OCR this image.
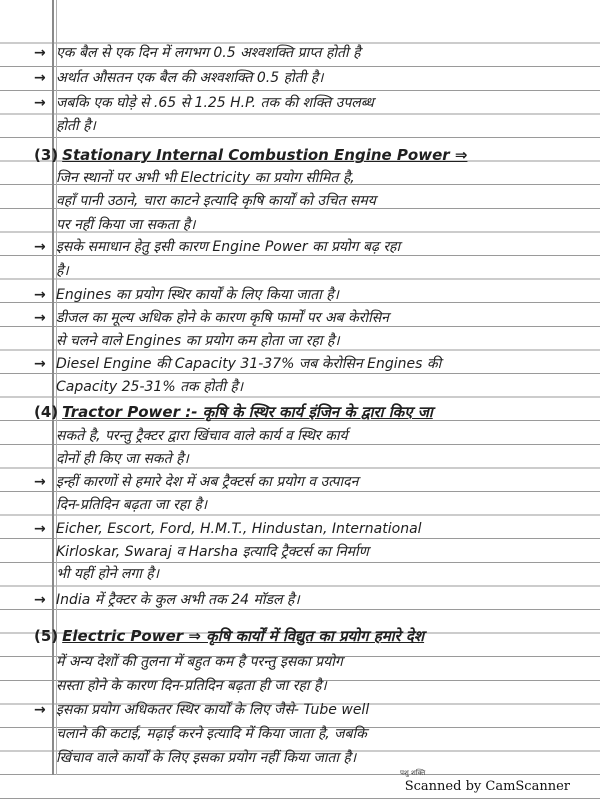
→ एक बैल से एक दिन में लगभग 0.5 अश्वशक्ति प्राप्त होती है
→ अर्थात औसतन एक बैल की अश्वशक्ति 0.5 होती है।
→ जबकि एक घोड़े से .65 से 1.25 H.P. तक की शक्ति उपलब्ध
होती है।
(3) Stationary Internal Combustion Engine Power ⇒
जिन स्थानों पर अभी भी Electricity का प्रयोग सीमित है,
वहाँ पानी उठाने, चारा काटने इत्यादि कृषि कार्यों को उचित समय
पर नहीं किया जा सकता है।
→ इसके समाधान हेतु इसी कारण Engine Power का प्रयोग बढ़ रहा
है।
→ Engines का प्रयोग स्थिर कार्यों के लिए किया जाता है।
→ डीजल का मूल्य अधिक होने के कारण कृषि फार्मों पर अब केरोसिन
से चलने वाले Engines का प्रयोग कम होता जा रहा है।
→ Diesel Engine की Capacity 31-37% जब केरोसिन Engines की
Capacity 25-31% तक होती है।
(4) Tractor Power :- कृषि के स्थिर कार्य इंजिन के द्वारा किए जा
सकते है, परन्तु ट्रैक्टर द्वारा खिंचाव वाले कार्य व स्थिर कार्य
दोनों ही किए जा सकते है।
→ इन्हीं कारणों से हमारे देश में अब ट्रैक्टर्स का प्रयोग व उत्पादन
दिन-प्रतिदिन बढ़ता जा रहा है।
→ Eicher, Escort, Ford, H.M.T., Hindustan, International
Kirloskar, Swaraj व Harsha इत्यादि ट्रैक्टर्स का निर्माण
भी यहीं होने लगा है।
→ India में ट्रैक्टर के कुल अभी तक 24 मॉडल है।
(5) Electric Power ⇒ कृषि कार्यों में विद्युत का प्रयोग हमारे देश
में अन्य देशों की तुलना में बहुत कम है परन्तु इसका प्रयोग
सस्ता होने के कारण दिन-प्रतिदिन बढ़ता ही जा रहा है।
→ इसका प्रयोग अधिकतर स्थिर कार्यों के लिए जैसे- Tube well
चलाने की कटाई, मढ़ाई करने इत्यादि में किया जाता है, जबकि
खिंचाव वाले कार्यों के लिए इसका प्रयोग नहीं किया जाता है।
पशु शक्ति
Scanned by CamScanner
